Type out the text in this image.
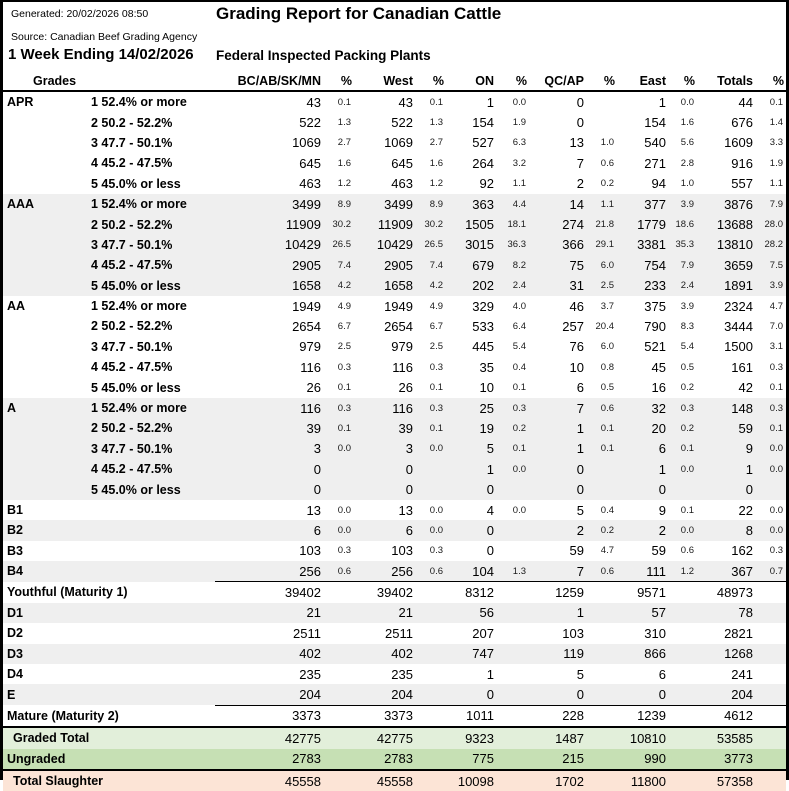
Generated: 20/02/2026 08:50	Grading Report for Canadian Cattle
Source: Canadian Beef Grading Agency
1 Week Ending 14/02/2026 Federal Inspected Packing Plants
Grades		BC/AB/SK/MN	%	West	%	ON	%	QC/AP	%	East	%	Totals	%
APR	1 52.4% or more	43	0.1	43	0.1	1	0.0	0		1	0.0	44	0.1
	2 50.2 - 52.2%	522	1.3	522	1.3	154	1.9	0		154	1.6	676	1.4
	3 47.7 - 50.1%	1069	2.7	1069	2.7	527	6.3	13	1.0	540	5.6	1609	3.3
	4 45.2 - 47.5%	645	1.6	645	1.6	264	3.2	7	0.6	271	2.8	916	1.9
	5 45.0% or less	463	1.2	463	1.2	92	1.1	2	0.2	94	1.0	557	1.1
AAA	1 52.4% or more	3499	8.9	3499	8.9	363	4.4	14	1.1	377	3.9	3876	7.9
	2 50.2 - 52.2%	11909	30.2	11909	30.2	1505	18.1	274	21.8	1779	18.6	13688	28.0
	3 47.7 - 50.1%	10429	26.5	10429	26.5	3015	36.3	366	29.1	3381	35.3	13810	28.2
	4 45.2 - 47.5%	2905	7.4	2905	7.4	679	8.2	75	6.0	754	7.9	3659	7.5
	5 45.0% or less	1658	4.2	1658	4.2	202	2.4	31	2.5	233	2.4	1891	3.9
AA	1 52.4% or more	1949	4.9	1949	4.9	329	4.0	46	3.7	375	3.9	2324	4.7
	2 50.2 - 52.2%	2654	6.7	2654	6.7	533	6.4	257	20.4	790	8.3	3444	7.0
	3 47.7 - 50.1%	979	2.5	979	2.5	445	5.4	76	6.0	521	5.4	1500	3.1
	4 45.2 - 47.5%	116	0.3	116	0.3	35	0.4	10	0.8	45	0.5	161	0.3
	5 45.0% or less	26	0.1	26	0.1	10	0.1	6	0.5	16	0.2	42	0.1
A	1 52.4% or more	116	0.3	116	0.3	25	0.3	7	0.6	32	0.3	148	0.3
	2 50.2 - 52.2%	39	0.1	39	0.1	19	0.2	1	0.1	20	0.2	59	0.1
	3 47.7 - 50.1%	3	0.0	3	0.0	5	0.1	1	0.1	6	0.1	9	0.0
	4 45.2 - 47.5%	0		0		1	0.0	0		1	0.0	1	0.0
	5 45.0% or less	0		0		0		0		0		0	
B1		13	0.0	13	0.0	4	0.0	5	0.4	9	0.1	22	0.0
B2		6	0.0	6	0.0	0		2	0.2	2	0.0	8	0.0
B3		103	0.3	103	0.3	0		59	4.7	59	0.6	162	0.3
B4		256	0.6	256	0.6	104	1.3	7	0.6	111	1.2	367	0.7
Youthful (Maturity 1)		39402		39402		8312		1259		9571		48973	
D1		21		21		56		1		57		78	
D2		2511		2511		207		103		310		2821	
D3		402		402		747		119		866		1268	
D4		235		235		1		5		6		241	
E		204		204		0		0		0		204	
Mature (Maturity 2)		3373		3373		1011		228		1239		4612	
Graded Total		42775		42775		9323		1487		10810		53585	
Ungraded		2783		2783		775		215		990		3773	
Total Slaughter		45558		45558		10098		1702		11800		57358	
